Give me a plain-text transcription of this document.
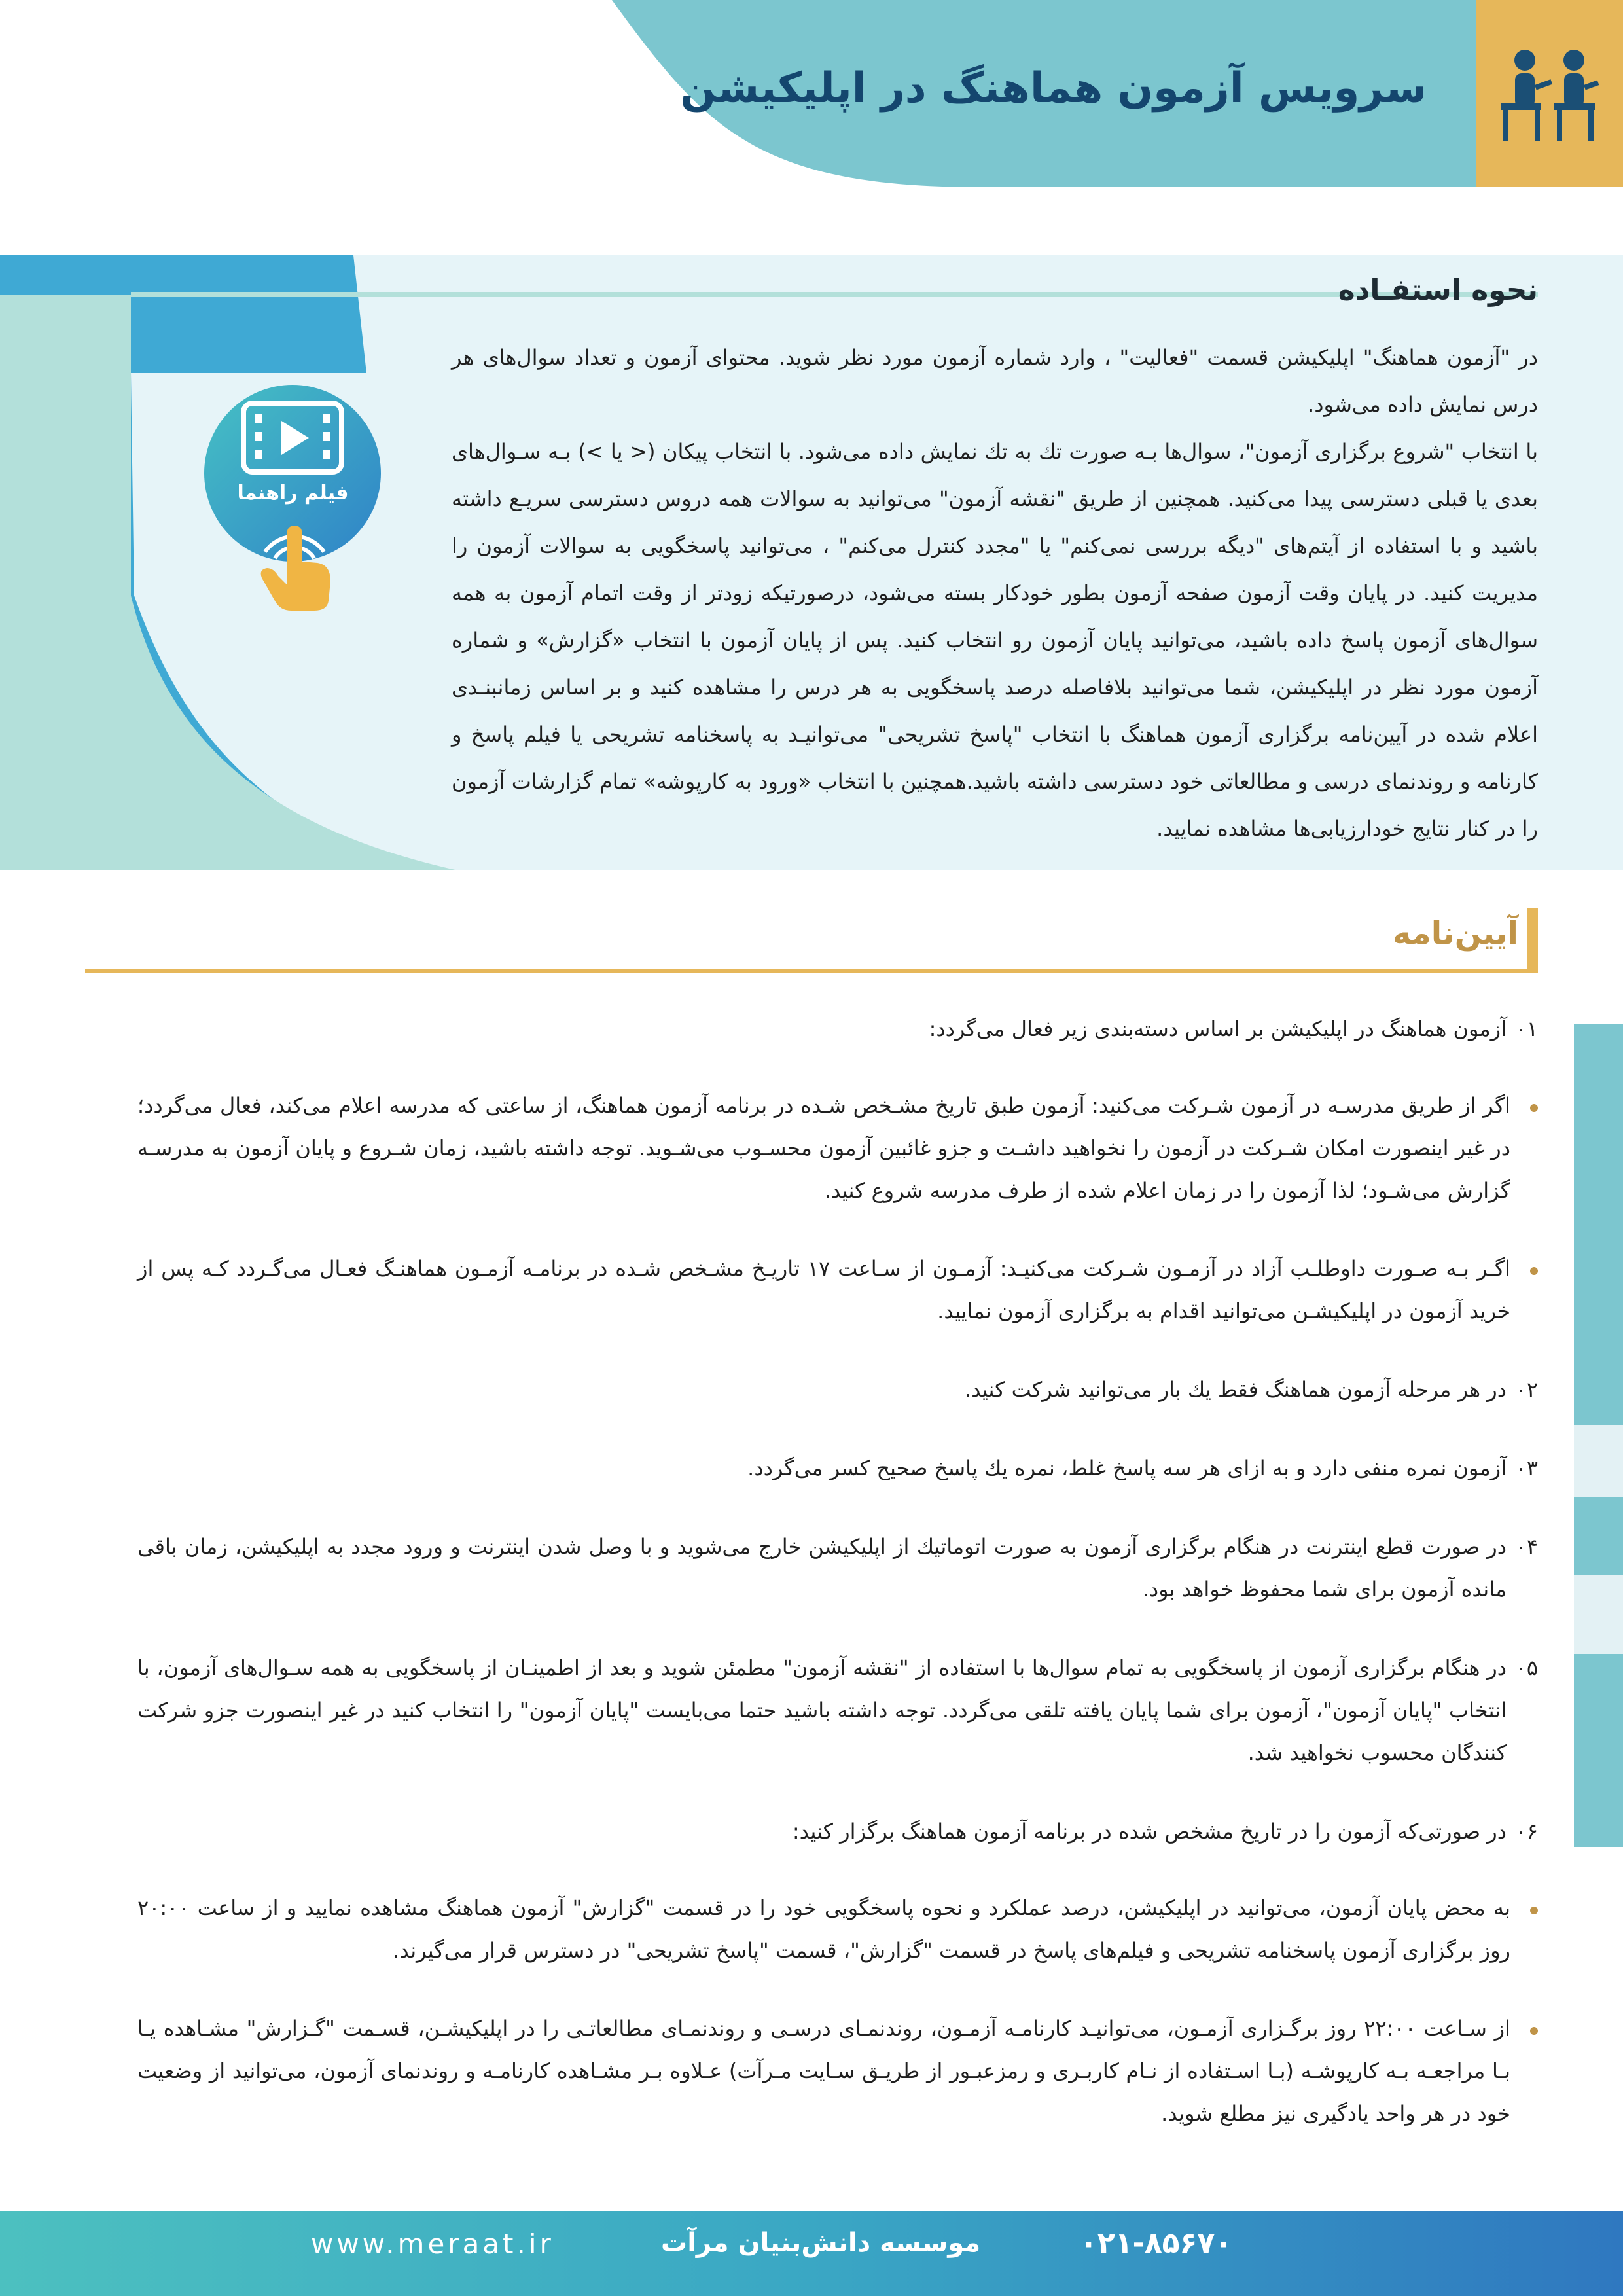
سرویس آزمون هماهنگ در اپلیکیشن
نحوه استفـاده
فیلم راهنما

در "آزمون هماهنگ" اپلیکیشن قسمت "فعالیت" ، وارد شماره آزمون مورد نظر شوید. محتوای آزمون و تعداد سوال‌های هر درس نمایش داده می‌شود.

با انتخاب "شروع برگزاری آزمون"، سوال‌ها بـه صورت تك به تك نمایش داده می‌شود. با انتخاب پیکان (< یا >) بـه سـوال‌های بعدی یا قبلی دسترسی پیدا می‌کنید. همچنین از طریق "نقشه آزمون" می‌توانید به سوالات همه دروس دسترسی سریـع داشته باشید و با استفاده از آیتم‌های "دیگه بررسی نمی‌کنم" یا "مجدد کنترل می‌کنم" ، می‌توانید پاسخگویی به سوالات آزمون را مدیریت کنید. در پایان وقت آزمون صفحه آزمون بطور خودکار بسته می‌شود، درصورتیکه زودتر از وقت اتمام آزمون به همه سوال‌های آزمون پاسخ داده باشید، می‌توانید پایان آزمون رو انتخاب کنید. پس از پایان آزمون با انتخاب «گزارش» و شماره آزمون مورد نظر در اپلیکیشن، شما می‌توانید بلافاصله درصد پاسخگویی به هر درس را مشاهده کنید و بر اساس زمانبنـدی اعلام شده در آیین‌نامه برگزاری آزمون هماهنگ با انتخاب "پاسخ تشریحی" می‌توانیـد به پاسخنامه تشریحی یا فیلم پاسخ و کارنامه و روندنمای درسی و مطالعاتی خود دسترسی داشته باشید.همچنین با انتخاب «ورود به کارپوشه» تمام گزارشات آزمون را در کنار نتایج خودارزیابی‌ها مشاهده نمایید.

آیین‌نامه
۰۱
آزمون هماهنگ در اپلیکیشن بر اساس دسته‌بندی زیر فعال می‌گردد:
اگر از طریق مدرسـه در آزمون شـرکت می‌کنید: آزمون طبق تاریخ مشـخص شـده در برنامه آزمون هماهنگ، از ساعتی که مدرسه اعلام می‌کند، فعال می‌گردد؛ در غیر اینصورت امکان شـرکت در آزمون را نخواهید داشـت و جزو غائبین آزمون محسـوب می‌شـوید. توجه داشته باشید، زمان شـروع و پایان آزمون به مدرسـه گزارش می‌شـود؛ لذا آزمون را در زمان اعلام شده از طرف مدرسه شروع کنید.
اگـر بـه صـورت داوطلـب آزاد در آزمـون شـرکت می‌کنیـد: آزمـون از سـاعت ۱۷ تاریـخ مشـخص شـده در برنامـه آزمـون هماهنـگ فعـال می‌گـردد کـه پس از خرید آزمون در اپلیکیشـن می‌توانید اقدام به برگزاری آزمون نمایید.
۰۲
در هر مرحله آزمون هماهنگ فقط یك بار می‌توانید شرکت کنید.
۰۳
آزمون نمره منفی دارد و به ازای هر سه پاسخ غلط، نمره یك پاسخ صحیح کسر می‌گردد.
۰۴
در صورت قطع اینترنت در هنگام برگزاری آزمون به صورت اتوماتیك از اپلیکیشن خارج می‌شوید و با وصل شدن اینترنت و ورود مجدد به اپلیکیشن، زمان باقی مانده آزمون برای شما محفوظ خواهد بود.
۰۵
در هنگام برگزاری آزمون از پاسخگویی به تمام سوال‌ها با استفاده از "نقشه آزمون" مطمئن شوید و بعد از اطمینـان از پاسخگویی به همه سـوال‌های آزمون، با انتخاب "پایان آزمون"، آزمون برای شما پایان یافته تلقی می‌گردد. توجه داشته باشید حتما می‌بایست "پایان آزمون" را انتخاب کنید در غیر اینصورت جزو شرکت کنندگان محسوب نخواهید شد.
۰۶
در صورتی‌که آزمون را در تاریخ مشخص شده در برنامه آزمون هماهنگ برگزار کنید:
به محض پایان آزمون، می‌توانید در اپلیکیشن، درصد عملکرد و نحوه پاسخگویی خود را در قسمت "گزارش" آزمون هماهنگ مشاهده نمایید و از ساعت ۲۰:۰۰ روز برگزاری آزمون پاسخنامه تشریحی و فیلم‌های پاسخ در قسمت "گزارش"، قسمت "پاسخ تشریحی" در دسترس قرار می‌گیرند.
از سـاعت ۲۲:۰۰ روز برگـزاری آزمـون، می‌توانیـد کارنامـه آزمـون، روندنمـای درسـی و روندنمـای مطالعاتـی را در اپلیکیشـن، قسـمت "گـزارش" مشـاهده یـا بـا مراجعـه بـه کارپوشـه (بـا اسـتفاده از نـام کاربـری و رمزعبـور از طریـق سـایت مـرآت) عـلاوه بـر مشـاهده کارنامـه و روندنمای آزمون، می‌توانید از وضعیت خود در هر واحد یادگیری نیز مطلع شوید.
۰۲۱-۸۵۶۷۰
موسسه دانش‌بنیان مرآت
www.meraat.ir
